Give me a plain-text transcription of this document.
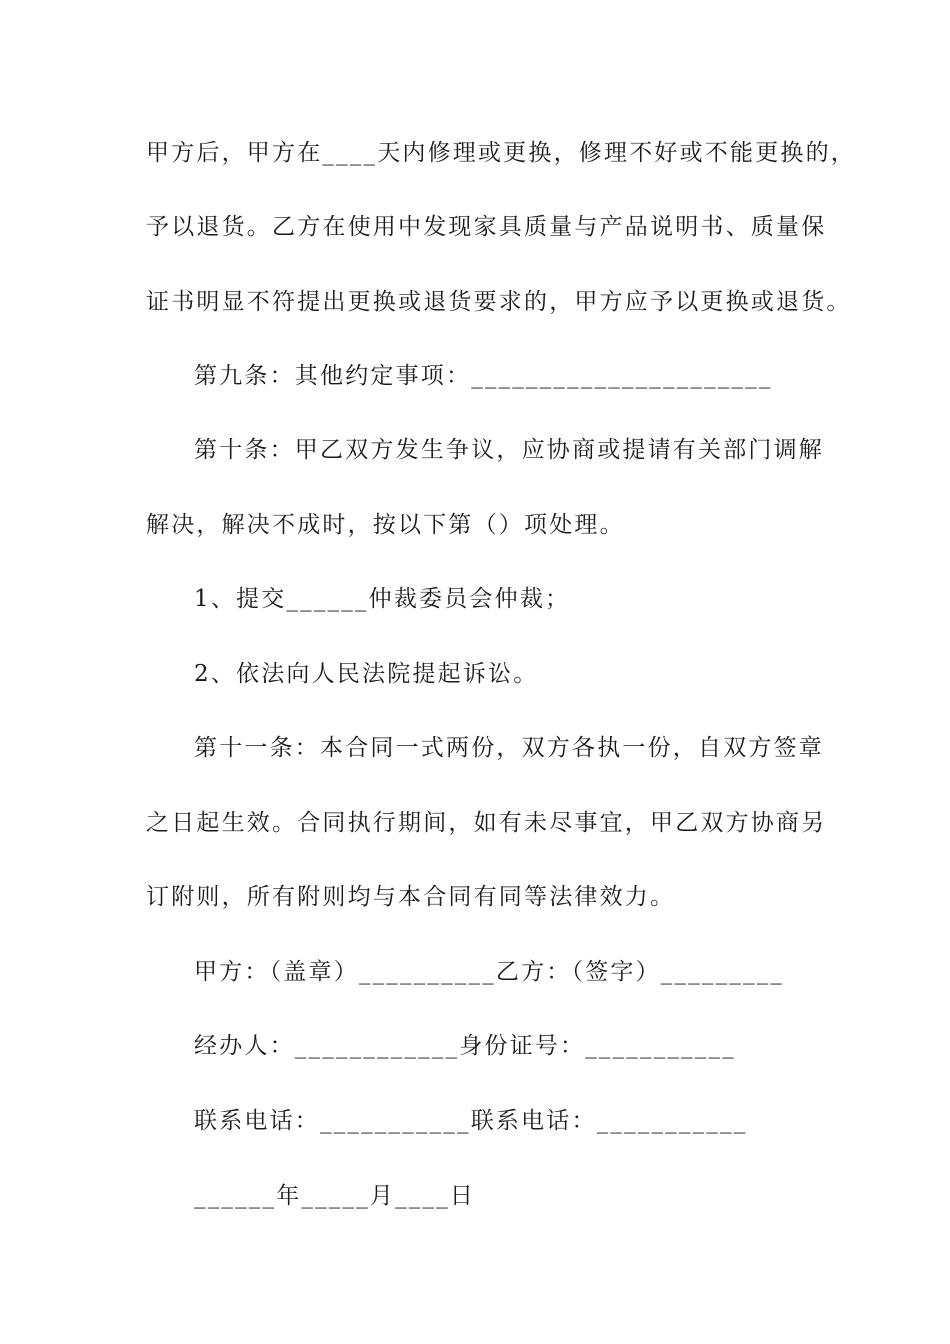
甲方后，甲方在____天内修理或更换，修理不好或不能更换的，
予以退货。乙方在使用中发现家具质量与产品说明书、质量保
证书明显不符提出更换或退货要求的，甲方应予以更换或退货。
第九条：其他约定事项：______________________
第十条：甲乙双方发生争议，应协商或提请有关部门调解
解决，解决不成时，按以下第（）项处理。
1、提交______仲裁委员会仲裁；
2、依法向人民法院提起诉讼。
第十一条：本合同一式两份，双方各执一份，自双方签章
之日起生效。合同执行期间，如有未尽事宜，甲乙双方协商另
订附则，所有附则均与本合同有同等法律效力。
甲方：（盖章）__________乙方：（签字）_________
经办人：____________身份证号：___________
联系电话：___________联系电话：___________
______年_____月____日
